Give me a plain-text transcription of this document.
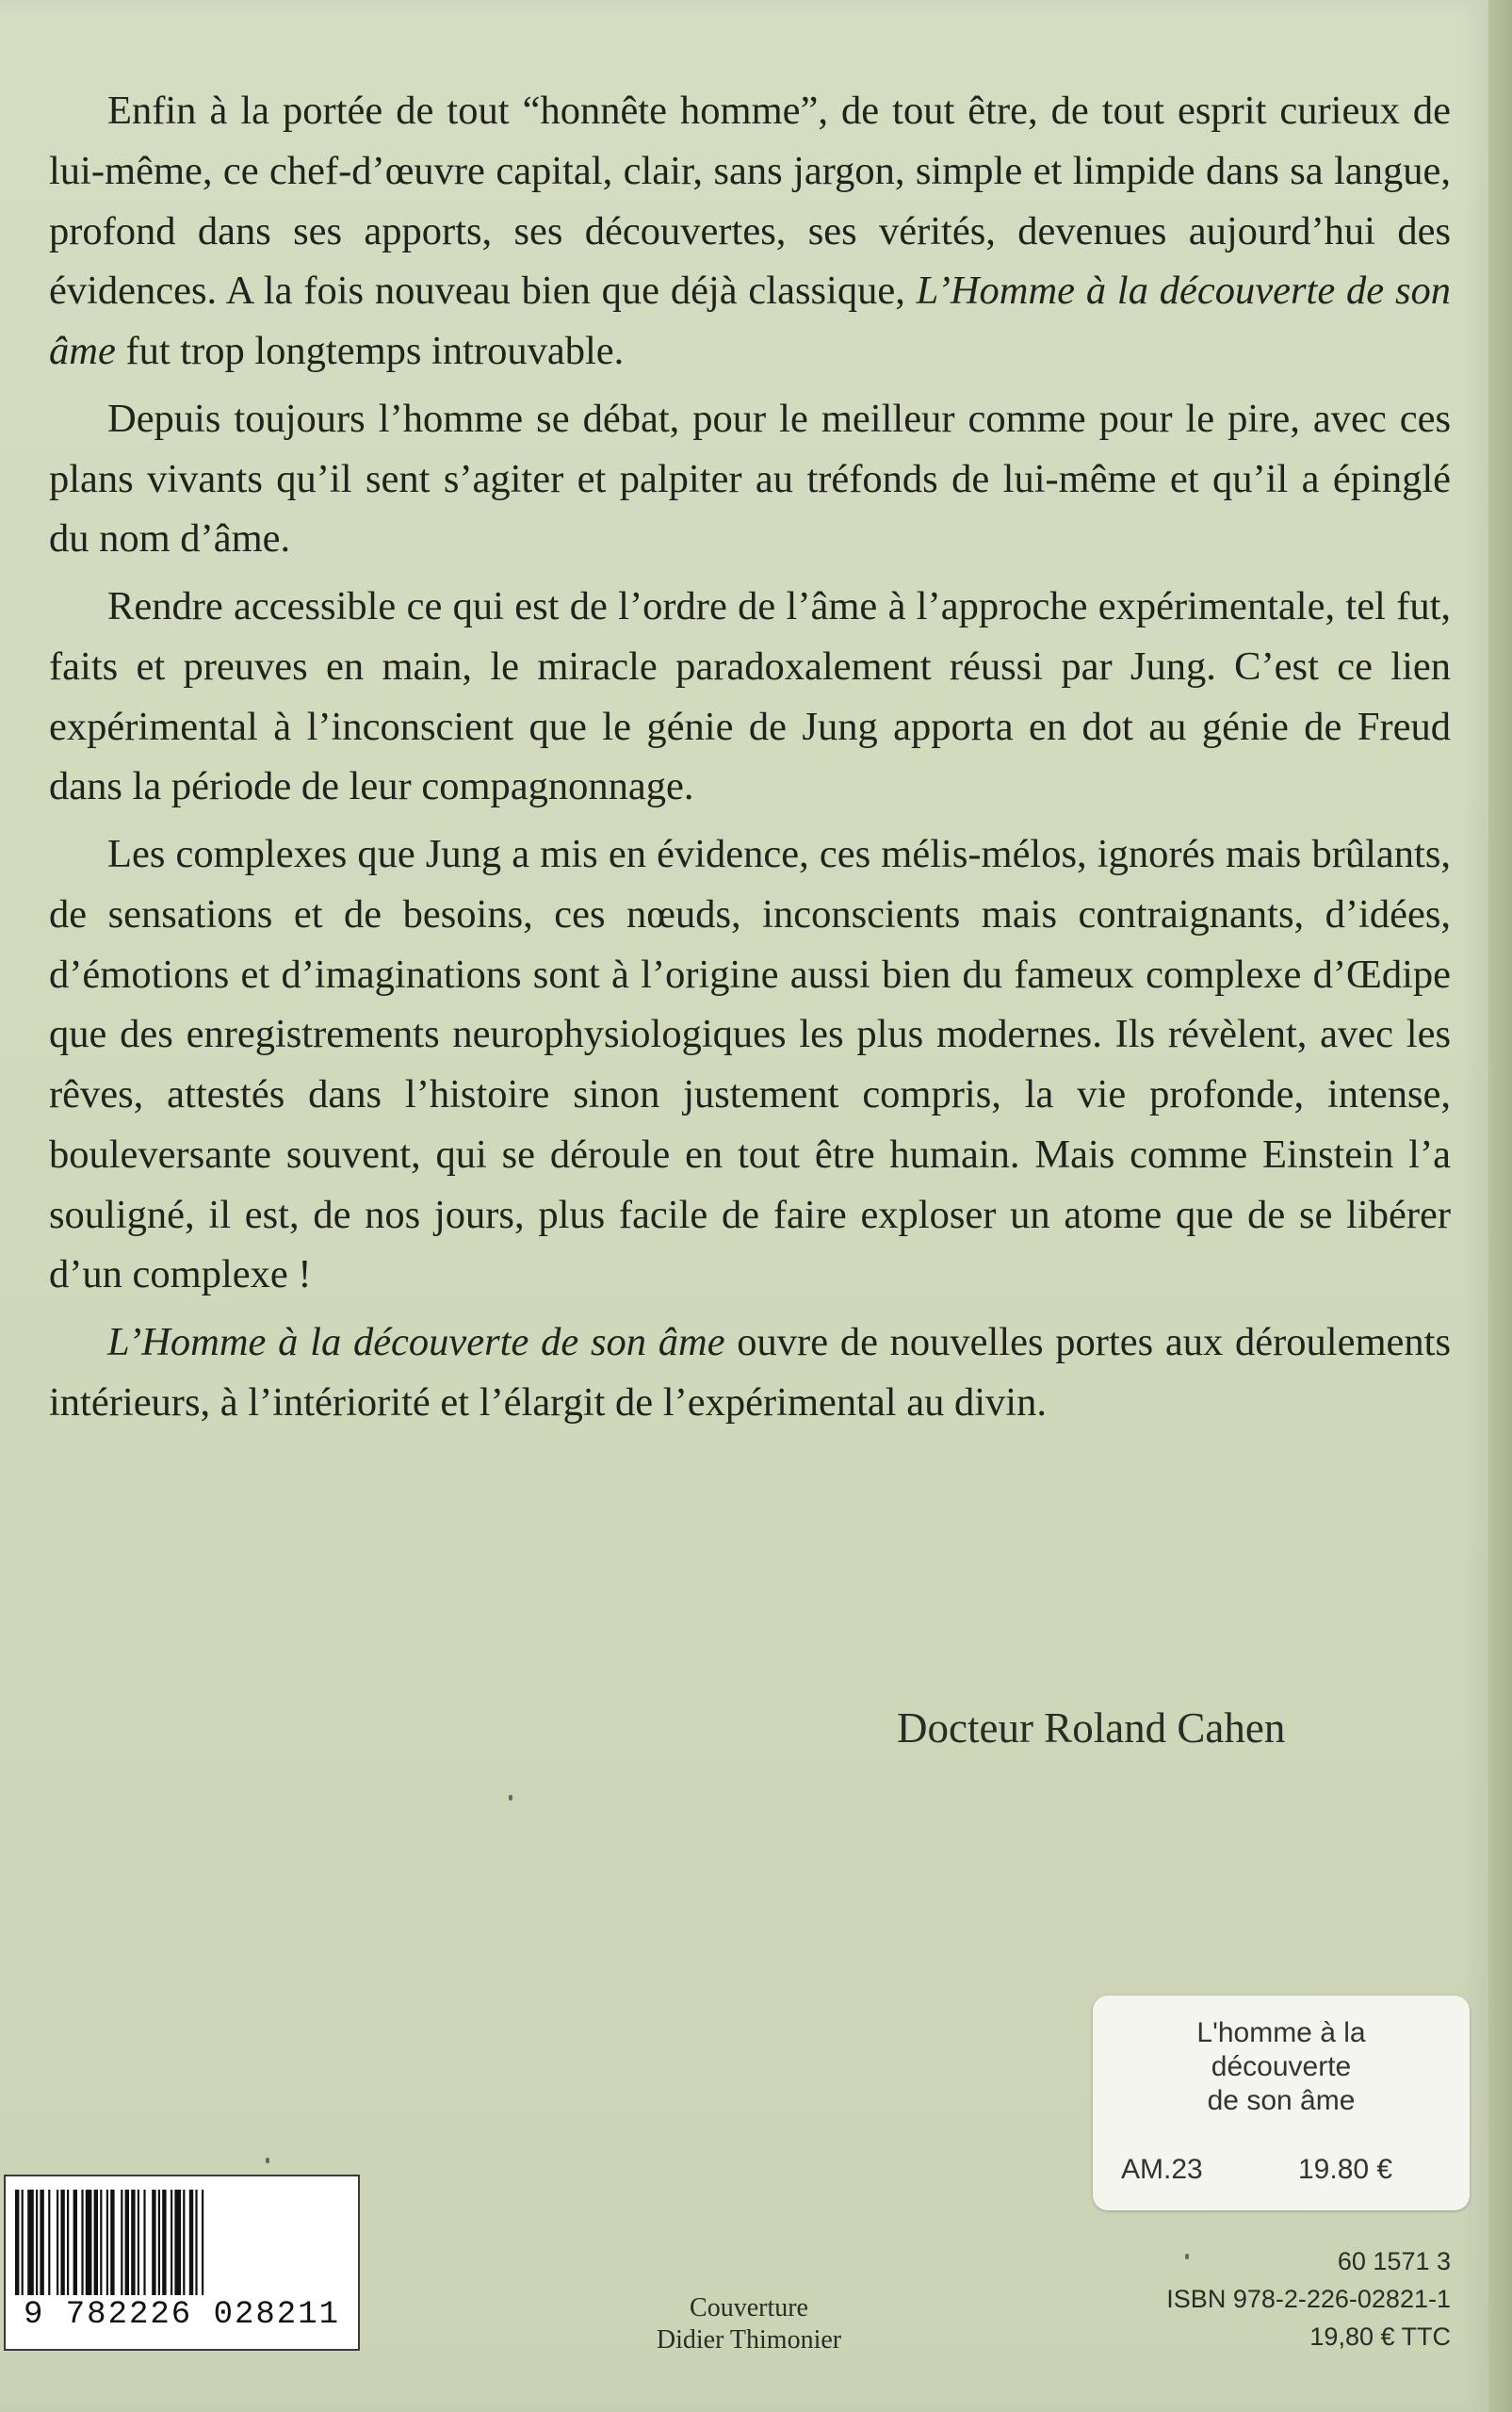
Enfin à la portée de tout “honnête homme”, de tout être, de tout esprit curieux de lui-même, ce chef-d’œuvre capital, clair, sans jargon, simple et limpide dans sa langue, profond dans ses apports, ses découvertes, ses vérités, devenues aujourd’hui des évidences. A la fois nouveau bien que déjà classique, L’Homme à la découverte de son âme fut trop longtemps introuvable.

Depuis toujours l’homme se débat, pour le meilleur comme pour le pire, avec ces plans vivants qu’il sent s’agiter et palpiter au tréfonds de lui-même et qu’il a épinglé du nom d’âme.

Rendre accessible ce qui est de l’ordre de l’âme à l’approche expérimentale, tel fut, faits et preuves en main, le miracle paradoxalement réussi par Jung. C’est ce lien expérimental à l’inconscient que le génie de Jung apporta en dot au génie de Freud dans la période de leur compagnonnage.

Les complexes que Jung a mis en évidence, ces mélis-mélos, ignorés mais brûlants, de sensations et de besoins, ces nœuds, inconscients mais contraignants, d’idées, d’émotions et d’imaginations sont à l’origine aussi bien du fameux complexe d’Œdipe que des enregistrements neurophysiologiques les plus modernes. Ils révèlent, avec les rêves, attestés dans l’histoire sinon justement compris, la vie profonde, intense, bouleversante souvent, qui se déroule en tout être humain. Mais comme Einstein l’a souligné, il est, de nos jours, plus facile de faire exploser un atome que de se libérer d’un complexe !

L’Homme à la découverte de son âme ouvre de nouvelles portes aux déroulements intérieurs, à l’intériorité et l’élargit de l’expérimental au divin.

Docteur Roland Cahen
L'homme à la
découverte
de son âme
AM.23	19.80 €
9 782226 028211	Couverture
Didier Thimonier
60 1571 3
ISBN 978-2-226-02821-1
19,80 € TTC
